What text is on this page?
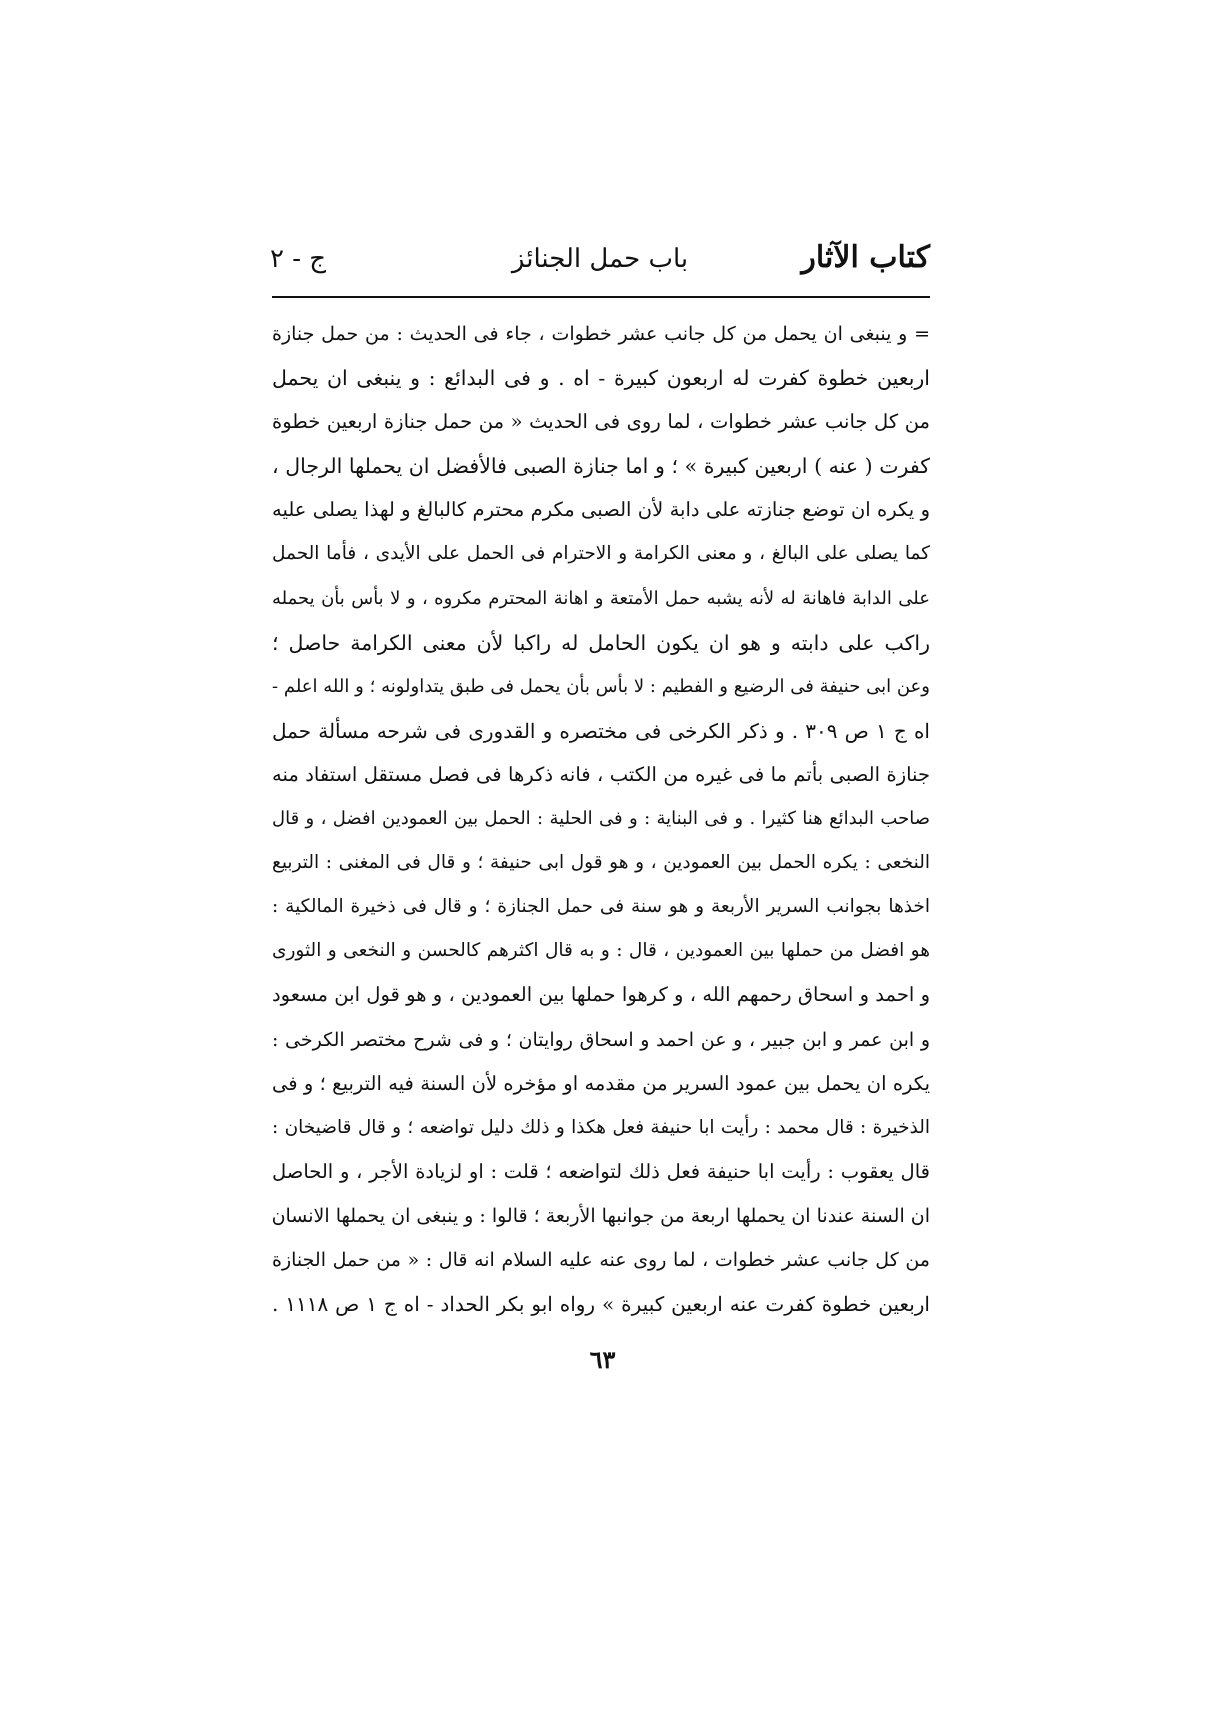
كتاب الآثار
باب حمل الجنائز
ج - ٢
= و ينبغى ان يحمل من كل جانب عشر خطوات ، جاء فى الحديث : من حمل جنازة
اربعين خطوة كفرت له اربعون كبيرة - اه . و فى البدائع : و ينبغى ان يحمل
من كل جانب عشر خطوات ، لما روى فى الحديث « من حمل جنازة اربعين خطوة
كفرت ( عنه ) اربعين كبيرة » ؛ و اما جنازة الصبى فالأفضل ان يحملها الرجال ،
و يكره ان توضع جنازته على دابة لأن الصبى مكرم محترم كالبالغ و لهذا يصلى عليه
كما يصلى على البالغ ، و معنى الكرامة و الاحترام فى الحمل على الأيدى ، فأما الحمل
على الدابة فاهانة له لأنه يشبه حمل الأمتعة و اهانة المحترم مكروه ، و لا بأس بأن يحمله
راكب على دابته و هو ان يكون الحامل له راكبا لأن معنى الكرامة حاصل ؛
وعن ابى حنيفة فى الرضيع و الفطيم : لا بأس بأن يحمل فى طبق يتداولونه ؛ و الله اعلم -
اه ج ١ ص ٣٠٩ . و ذكر الكرخى فى مختصره و القدورى فى شرحه مسألة حمل
جنازة الصبى بأتم ما فى غيره من الكتب ، فانه ذكرها فى فصل مستقل استفاد منه
صاحب البدائع هنا كثيرا . و فى البناية : و فى الحلية : الحمل بين العمودين افضل ، و قال
النخعى : يكره الحمل بين العمودين ، و هو قول ابى حنيفة ؛ و قال فى المغنى : التربيع
اخذها بجوانب السرير الأربعة و هو سنة فى حمل الجنازة ؛ و قال فى ذخيرة المالكية :
هو افضل من حملها بين العمودين ، قال : و به قال اكثرهم كالحسن و النخعى و الثورى
و احمد و اسحاق رحمهم الله ، و كرهوا حملها بين العمودين ، و هو قول ابن مسعود
و ابن عمر و ابن جبير ، و عن احمد و اسحاق روايتان ؛ و فى شرح مختصر الكرخى :
يكره ان يحمل بين عمود السرير من مقدمه او مؤخره لأن السنة فيه التربيع ؛ و فى
الذخيرة : قال محمد : رأيت ابا حنيفة فعل هكذا و ذلك دليل تواضعه ؛ و قال قاضيخان :
قال يعقوب : رأيت ابا حنيفة فعل ذلك لتواضعه ؛ قلت : او لزيادة الأجر ، و الحاصل
ان السنة عندنا ان يحملها اربعة من جوانبها الأربعة ؛ قالوا : و ينبغى ان يحملها الانسان
من كل جانب عشر خطوات ، لما روى عنه عليه السلام انه قال : « من حمل الجنازة
اربعين خطوة كفرت عنه اربعين كبيرة » رواه ابو بكر الحداد - اه ج ١ ص ١١١٨ .
٦٣
